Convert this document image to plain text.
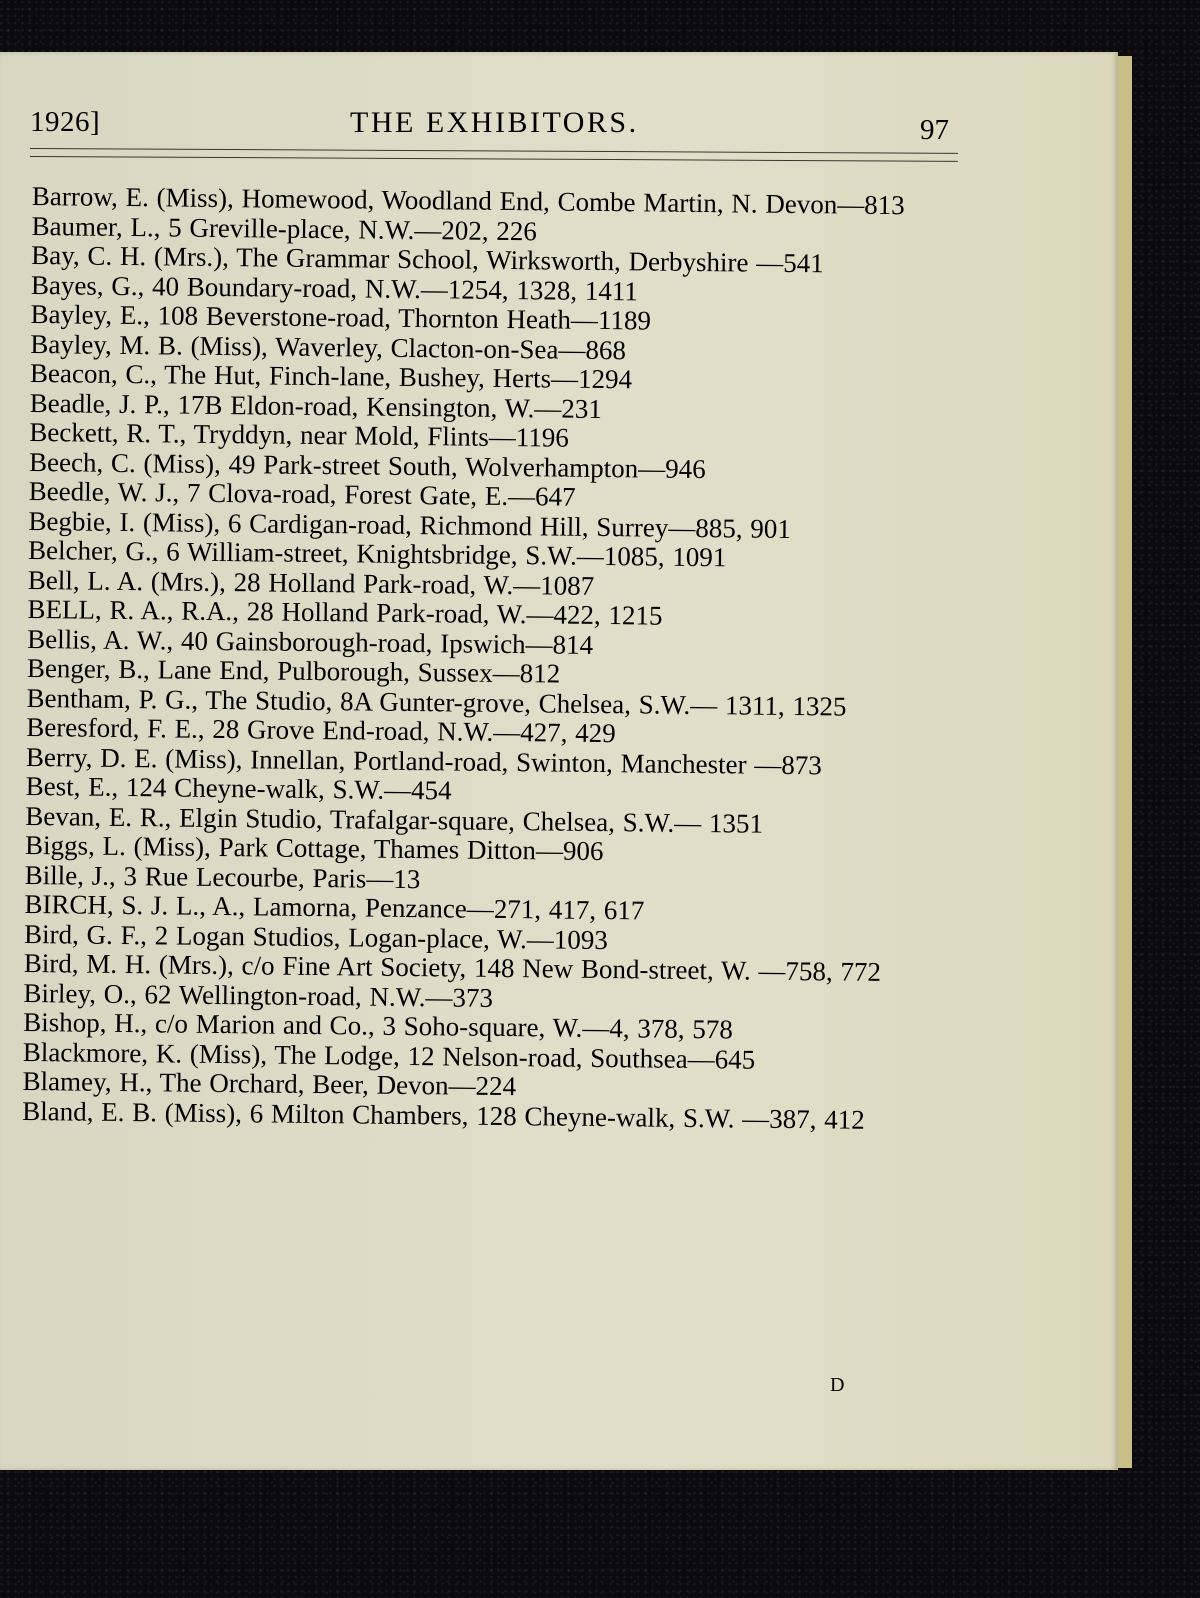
1926]	THE EXHIBITORS.	97
Barrow, E. (Miss), Homewood, Woodland End, Combe Martin, N. Devon—813
Baumer, L., 5 Greville-place, N.W.—202, 226
Bay, C. H. (Mrs.), The Grammar School, Wirksworth, Derbyshire —541
Bayes, G., 40 Boundary-road, N.W.—1254, 1328, 1411
Bayley, E., 108 Beverstone-road, Thornton Heath—1189
Bayley, M. B. (Miss), Waverley, Clacton-on-Sea—868
Beacon, C., The Hut, Finch-lane, Bushey, Herts—1294
Beadle, J. P., 17B Eldon-road, Kensington, W.—231
Beckett, R. T., Tryddyn, near Mold, Flints—1196
Beech, C. (Miss), 49 Park-street South, Wolverhampton—946
Beedle, W. J., 7 Clova-road, Forest Gate, E.—647
Begbie, I. (Miss), 6 Cardigan-road, Richmond Hill, Surrey—885, 901
Belcher, G., 6 William-street, Knightsbridge, S.W.—1085, 1091
Bell, L. A. (Mrs.), 28 Holland Park-road, W.—1087
BELL, R. A., R.A., 28 Holland Park-road, W.—422, 1215
Bellis, A. W., 40 Gainsborough-road, Ipswich—814
Benger, B., Lane End, Pulborough, Sussex—812
Bentham, P. G., The Studio, 8A Gunter-grove, Chelsea, S.W.— 1311, 1325
Beresford, F. E., 28 Grove End-road, N.W.—427, 429
Berry, D. E. (Miss), Innellan, Portland-road, Swinton, Manchester —873
Best, E., 124 Cheyne-walk, S.W.—454
Bevan, E. R., Elgin Studio, Trafalgar-square, Chelsea, S.W.— 1351
Biggs, L. (Miss), Park Cottage, Thames Ditton—906
Bille, J., 3 Rue Lecourbe, Paris—13
BIRCH, S. J. L., A., Lamorna, Penzance—271, 417, 617
Bird, G. F., 2 Logan Studios, Logan-place, W.—1093
Bird, M. H. (Mrs.), c/o Fine Art Society, 148 New Bond-street, W. —758, 772
Birley, O., 62 Wellington-road, N.W.—373
Bishop, H., c/o Marion and Co., 3 Soho-square, W.—4, 378, 578
Blackmore, K. (Miss), The Lodge, 12 Nelson-road, Southsea—645
Blamey, H., The Orchard, Beer, Devon—224
Bland, E. B. (Miss), 6 Milton Chambers, 128 Cheyne-walk, S.W. —387, 412
D
